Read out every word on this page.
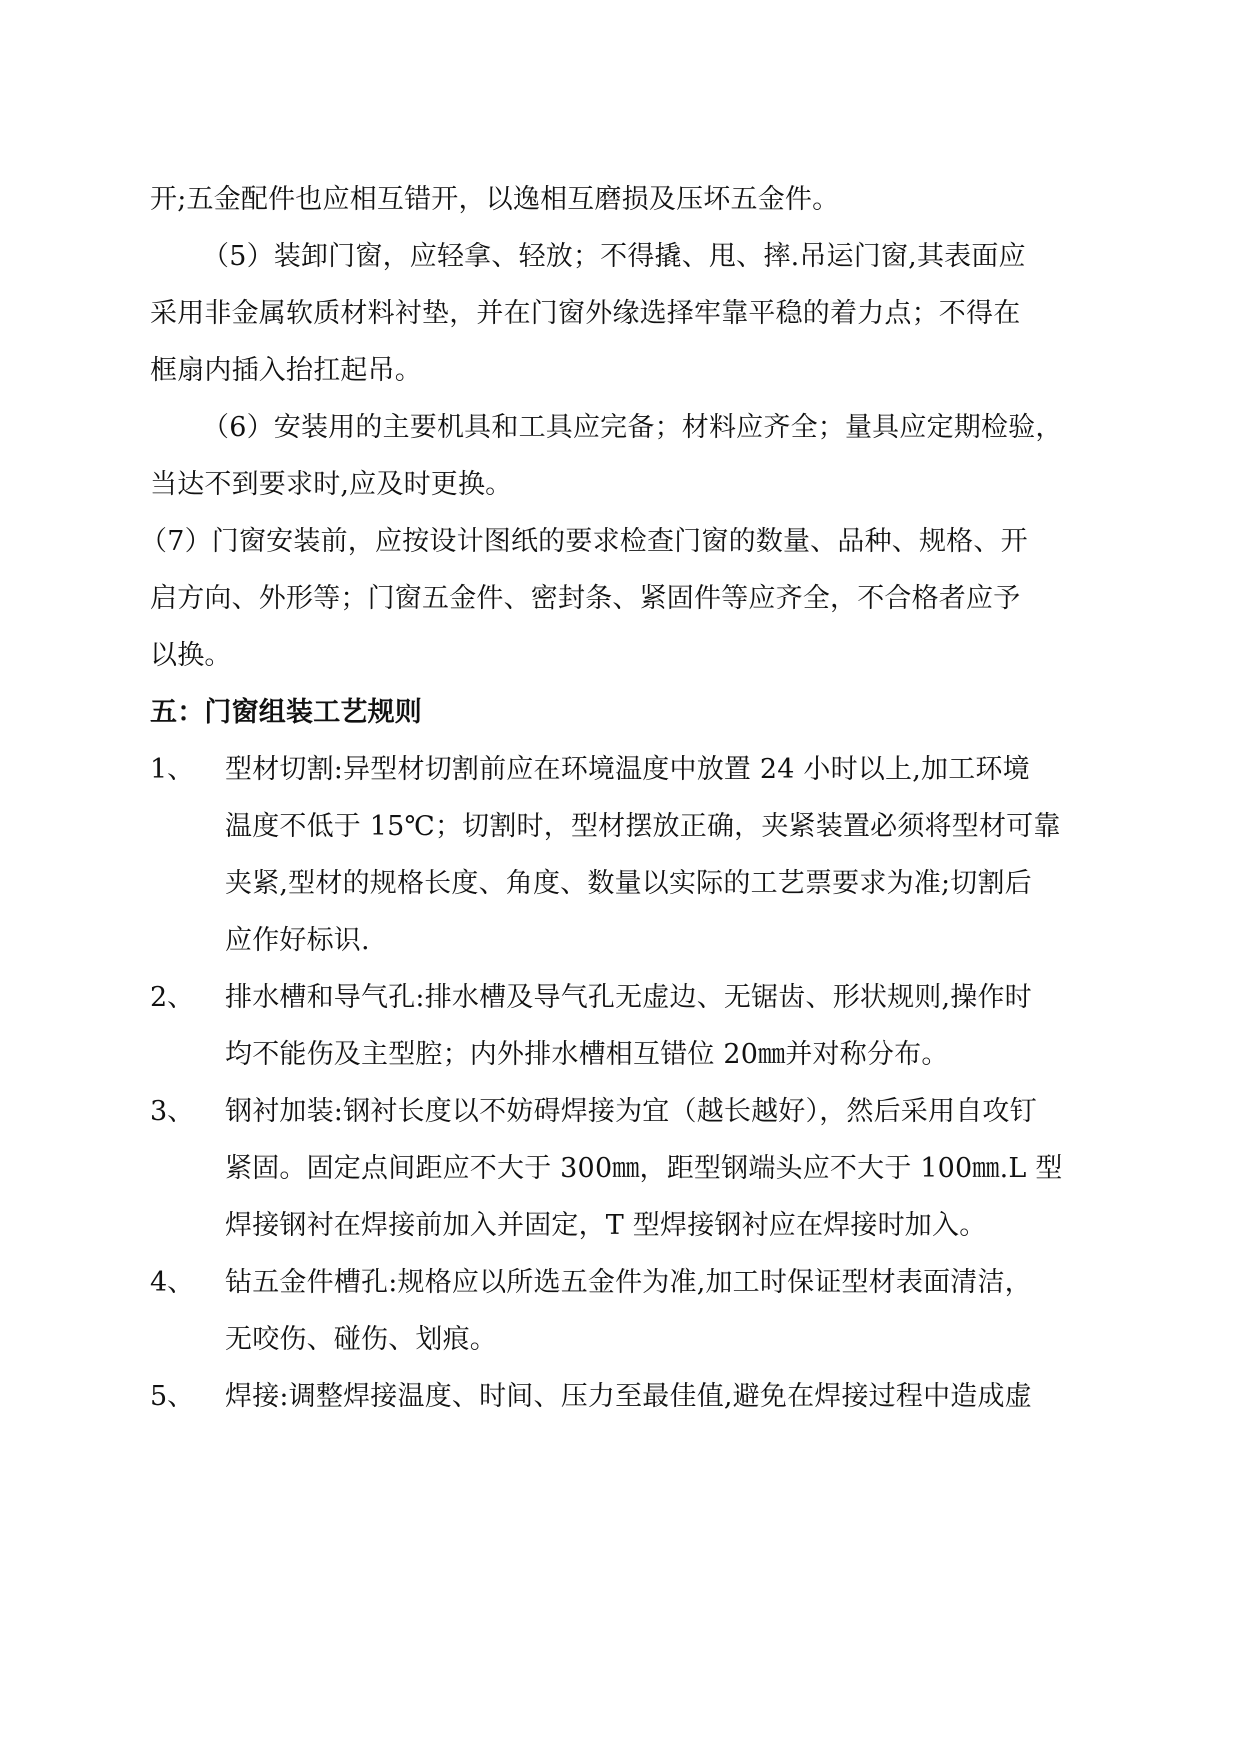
开;五金配件也应相互错开，以逸相互磨损及压坏五金件。
（5）装卸门窗，应轻拿、轻放；不得撬、甩、摔.吊运门窗,其表面应
采用非金属软质材料衬垫，并在门窗外缘选择牢靠平稳的着力点；不得在
框扇内插入抬扛起吊。
（6）安装用的主要机具和工具应完备；材料应齐全；量具应定期检验，
当达不到要求时,应及时更换。
（7）门窗安装前，应按设计图纸的要求检查门窗的数量、品种、规格、开
启方向、外形等；门窗五金件、密封条、紧固件等应齐全，不合格者应予
以换。
五：门窗组装工艺规则
1、 型材切割:异型材切割前应在环境温度中放置 24 小时以上,加工环境
温度不低于 15℃；切割时，型材摆放正确，夹紧装置必须将型材可靠
夹紧,型材的规格长度、角度、数量以实际的工艺票要求为准;切割后
应作好标识.
2、 排水槽和导气孔:排水槽及导气孔无虚边、无锯齿、形状规则,操作时
均不能伤及主型腔；内外排水槽相互错位 20㎜并对称分布。
3、 钢衬加装:钢衬长度以不妨碍焊接为宜（越长越好），然后采用自攻钉
紧固。固定点间距应不大于 300㎜，距型钢端头应不大于 100㎜.L 型
焊接钢衬在焊接前加入并固定，T 型焊接钢衬应在焊接时加入。
4、 钻五金件槽孔:规格应以所选五金件为准,加工时保证型材表面清洁，
无咬伤、碰伤、划痕。
5、 焊接:调整焊接温度、时间、压力至最佳值,避免在焊接过程中造成虚
